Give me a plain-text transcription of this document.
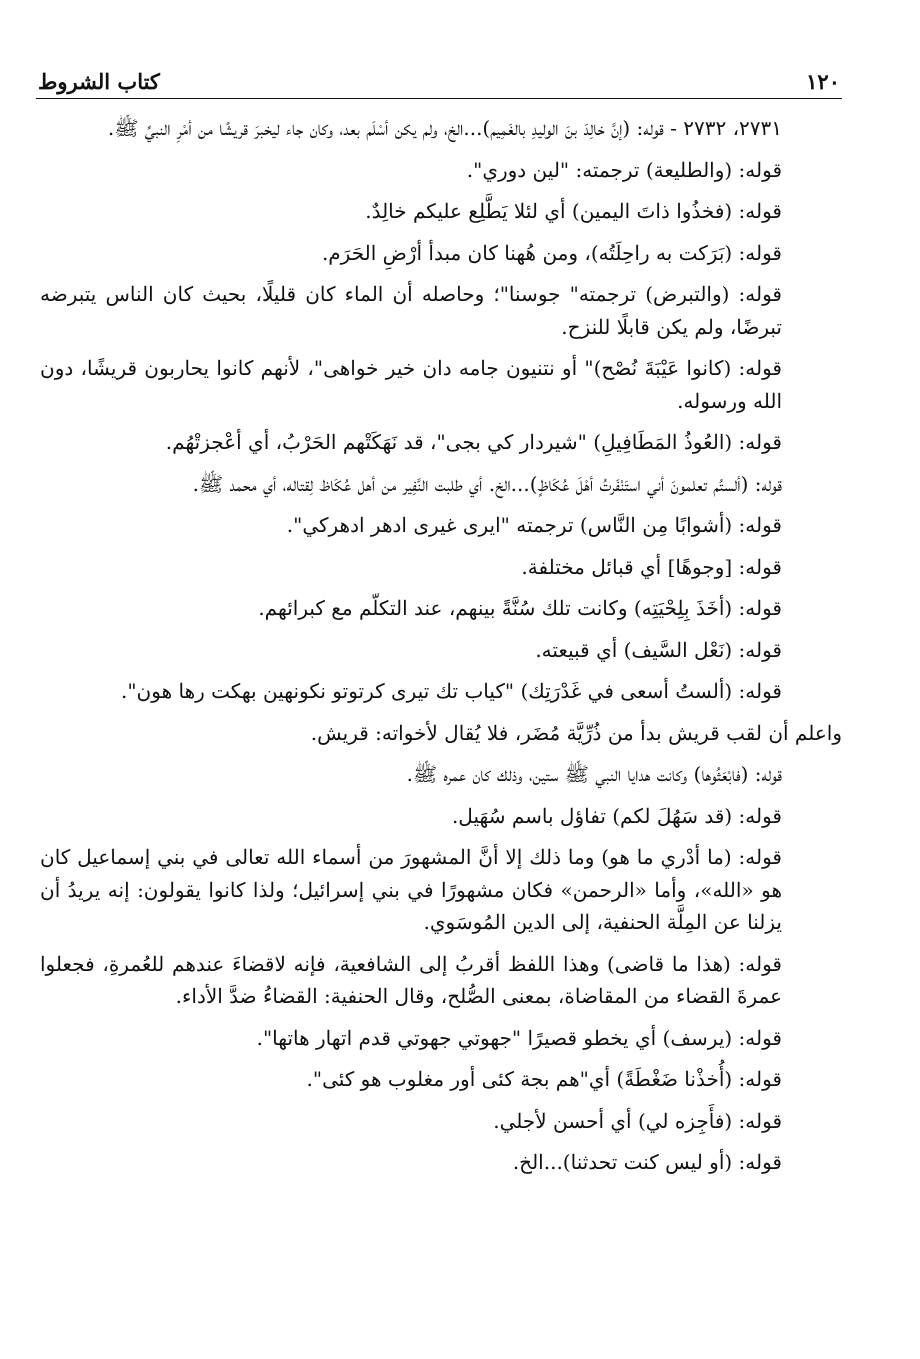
١٢٠
كتاب الشروط

٢٧٣١، ٢٧٣٢ - قوله: (إنَّ خالِدَ بنَ الوليدِ بالغَمِيم)...الخ، ولم يكن أسْلَم بعد، وكان جاء ليخبرَ قريشًا من أمْرِ النبيِّ ﷺ.

قوله: (والطليعة) ترجمته: "لين دوري".

قوله: (فخذُوا ذاتَ اليمين) أي لئلا يَطَّلِع عليكم خالِدٌ.

قوله: (بَرَكت به راحِلَتُه)، ومن هُهنا كان مبدأ أرْضِ الحَرَم.

قوله: (والتبرض) ترجمته" جوسنا"؛ وحاصله أن الماء كان قليلًا، بحيث كان الناس يتبرضه تبرضًا، ولم يكن قابلًا للنزح.

قوله: (كانوا عَيْبَةَ نُصْح)" أو نتنيون جامه دان خير خواهى"، لأنهم كانوا يحاربون قريشًا، دون الله ورسوله.

قوله: (العُوذُ المَطَافِيلِ) "شيردار كي بجى"، قد نَهَكَتْهم الحَرْبُ، أي أعْجزتْهُم.

قوله: (ألستُم تعلمونَ أني استَنْفَرتُ أهْلَ عُكَاظٍ)...الخ. أي طلبت النَّفِير من أهل عُكَاظ لِقتاله، أي محمد ﷺ.

قوله: (أشوابًا مِن النَّاس) ترجمته "ايرى غيرى ادهر ادهركي".

قوله: [وجوهًا] أي قبائل مختلفة.

قوله: (أخَذَ بِلِحْيَتِه) وكانت تلك سُنَّةً بينهم، عند التكلّم مع كبرائهم.

قوله: (نَعْل السَّيف) أي قبيعته.

قوله: (ألستُ أسعى في غَدْرَتِك) "كياب تك تيرى كرتوتو نكونهين بهكت رها هون".

واعلم أن لقب قريش بدأ من ذُرِّيَّة مُضَر، فلا يُقال لأخواته: قريش.

قوله: (فابْعَثُوها) وكانت هدايا النبي ﷺ ستين، وذلك كان عمره ﷺ.

قوله: (قد سَهُلَ لكم) تفاؤل باسم سُهَيل.

قوله: (ما أدْري ما هو) وما ذلك إلا أنَّ المشهورَ من أسماء الله تعالى في بني إسماعيل كان هو «الله»، وأما «الرحمن» فكان مشهورًا في بني إسرائيل؛ ولذا كانوا يقولون: إنه يريدُ أن يزلنا عن المِلَّة الحنفية، إلى الدين المُوسَوي.

قوله: (هذا ما قاضى) وهذا اللفظ أقربُ إلى الشافعية، فإنه لاقضاءَ عندهم للعُمرةِ، فجعلوا عمرةَ القضاء من المقاضاة، بمعنى الصُّلح، وقال الحنفية: القضاءُ ضدَّ الأداء.

قوله: (يرسف) أي يخطو قصيرًا "جهوتي جهوتي قدم اتهار هاتها".

قوله: (أُخذْنا ضَغْطَةً) أي"هم بجة كئى أور مغلوب هو كئى".

قوله: (فأَجِزه لي) أي أحسن لأجلي.

قوله: (أو ليس كنت تحدثنا)...الخ.
